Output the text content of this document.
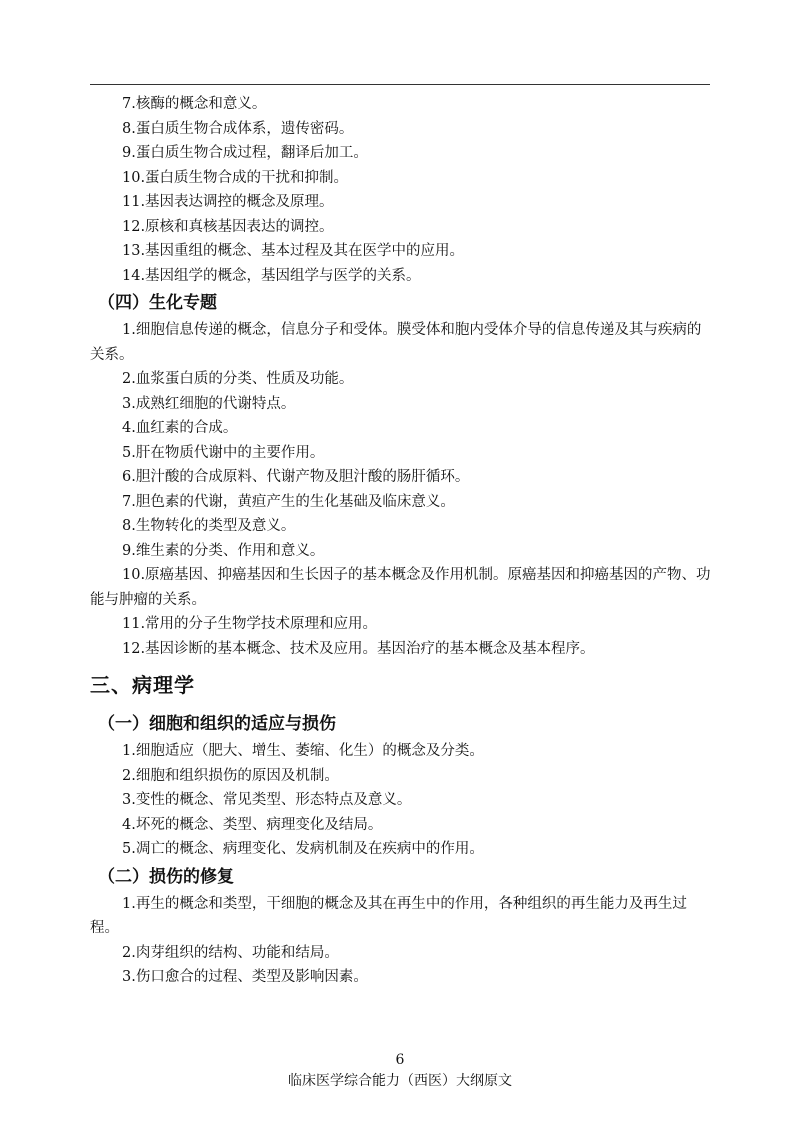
7.核酶的概念和意义。

8.蛋白质生物合成体系，遗传密码。

9.蛋白质生物合成过程，翻译后加工。

10.蛋白质生物合成的干扰和抑制。

11.基因表达调控的概念及原理。

12.原核和真核基因表达的调控。

13.基因重组的概念、基本过程及其在医学中的应用。

14.基因组学的概念，基因组学与医学的关系。

（四）生化专题

1.细胞信息传递的概念，信息分子和受体。膜受体和胞内受体介导的信息传递及其与疾病的关系。

2.血浆蛋白质的分类、性质及功能。

3.成熟红细胞的代谢特点。

4.血红素的合成。

5.肝在物质代谢中的主要作用。

6.胆汁酸的合成原料、代谢产物及胆汁酸的肠肝循环。

7.胆色素的代谢，黄疸产生的生化基础及临床意义。

8.生物转化的类型及意义。

9.维生素的分类、作用和意义。

10.原癌基因、抑癌基因和生长因子的基本概念及作用机制。原癌基因和抑癌基因的产物、功能与肿瘤的关系。

11.常用的分子生物学技术原理和应用。

12.基因诊断的基本概念、技术及应用。基因治疗的基本概念及基本程序。

三、病理学
（一）细胞和组织的适应与损伤

1.细胞适应（肥大、增生、萎缩、化生）的概念及分类。

2.细胞和组织损伤的原因及机制。

3.变性的概念、常见类型、形态特点及意义。

4.坏死的概念、类型、病理变化及结局。

5.凋亡的概念、病理变化、发病机制及在疾病中的作用。

（二）损伤的修复

1.再生的概念和类型，干细胞的概念及其在再生中的作用，各种组织的再生能力及再生过程。

2.肉芽组织的结构、功能和结局。

3.伤口愈合的过程、类型及影响因素。

6
临床医学综合能力（西医）大纲原文
